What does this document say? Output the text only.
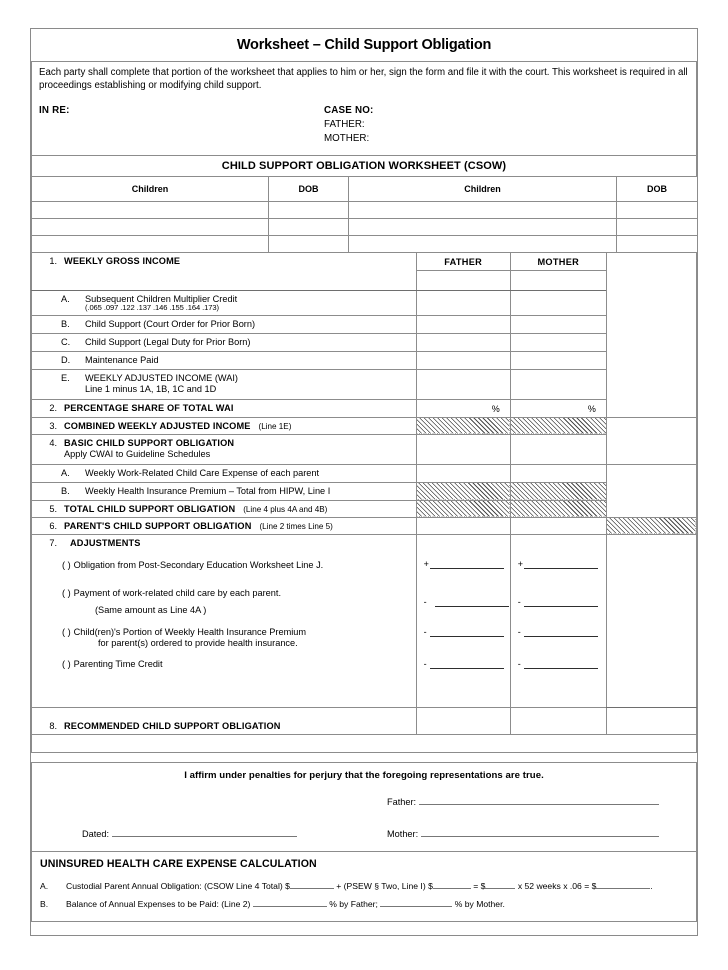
Worksheet – Child Support Obligation

Each party shall complete that portion of the worksheet that applies to him or her, sign the form and file it with the court. This worksheet is required in all proceedings establishing or modifying child support.

IN RE:	CASE NO:
FATHER:
MOTHER:
CHILD SUPPORT OBLIGATION WORKSHEET (CSOW)
Children	DOB	Children	DOB

1. WEEKLY GROSS INCOME	FATHER	MOTHER	

A. Subsequent Children Multiplier Credit
(.065 .097 .122 .137 .146 .155 .164 .173)			

B. Child Support (Court Order for Prior Born)			

C. Child Support (Legal Duty for Prior Born)			

D. Maintenance Paid			

E. WEEKLY ADJUSTED INCOME (WAI)
Line 1 minus 1A, 1B, 1C and 1D			

2. PERCENTAGE SHARE OF TOTAL WAI	%	%	

3. COMBINED WEEKLY ADJUSTED INCOME (Line 1E)			

4. BASIC CHILD SUPPORT OBLIGATION
Apply CWAI to Guideline Schedules			

A. Weekly Work-Related Child Care Expense of each parent			

B. Weekly Health Insurance Premium – Total from HIPW, Line I			

5. TOTAL CHILD SUPPORT OBLIGATION (Line 4 plus 4A and 4B)			

6. PARENT'S CHILD SUPPORT OBLIGATION (Line 2 times Line 5)			

7. ADJUSTMENTS			

( ) Obligation from Post-Secondary Education Worksheet Line J.	+	+	

( ) Payment of work-related child care by each parent.
(Same amount as Line 4A )	-	-	

( ) Child(ren)'s Portion of Weekly Health Insurance Premium
for parent(s) ordered to provide health insurance.	-	-	

( ) Parenting Time Credit	-	-	

8. RECOMMENDED CHILD SUPPORT OBLIGATION			

I affirm under penalties for perjury that the foregoing representations are true.
Father:
Dated:	Mother:
UNINSURED HEALTH CARE EXPENSE CALCULATION
A. Custodial Parent Annual Obligation: (CSOW Line 4 Total) $	+ (PSEW § Two, Line I) $	= $	x 52 weeks x .06 = $	.
B. Balance of Annual Expenses to be Paid: (Line 2)	% by Father;	% by Mother.
